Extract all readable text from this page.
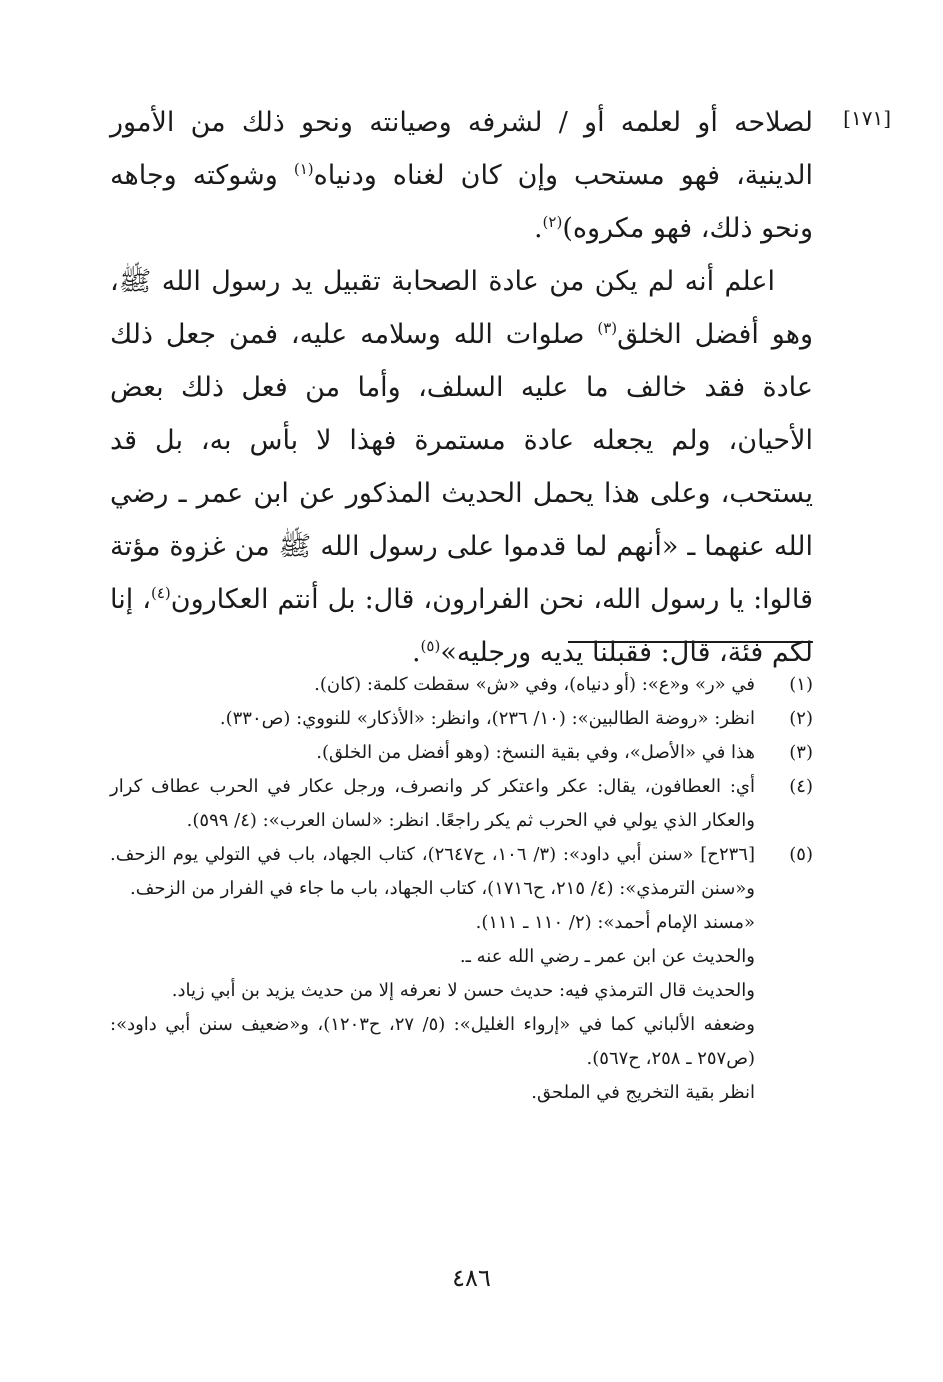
[١٧١]

لصلاحه أو لعلمه أو / لشرفه وصيانته ونحو ذلك من الأمور الدينية، فهو مستحب وإن كان لغناه ودنياه$^{(١)}$ وشوكته وجاهه ونحو ذلك، فهو مكروه)$^{(٢)}$.

اعلم أنه لم يكن من عادة الصحابة تقبيل يد رسول الله ﷺ، وهو أفضل الخلق$^{(٣)}$ صلوات الله وسلامه عليه، فمن جعل ذلك عادة فقد خالف ما عليه السلف، وأما من فعل ذلك بعض الأحيان، ولم يجعله عادة مستمرة فهذا لا بأس به، بل قد يستحب، وعلى هذا يحمل الحديث المذكور عن ابن عمر ـ رضي الله عنهما ـ «أنهم لما قدموا على رسول الله ﷺ من غزوة مؤتة قالوا: يا رسول الله، نحن الفرارون، قال: بل أنتم العكارون$^{(٤)}$، إنا لكم فئة، قال: فقبلنا يديه ورجليه»$^{(٥)}$.

(١)
في «ر» و«ع»: (أو دنياه)، وفي «ش» سقطت كلمة: (كان).
(٢)
انظر: «روضة الطالبين»: (١٠/ ٢٣٦)، وانظر: «الأذكار» للنووي: (ص٣٣٠).
(٣)
هذا في «الأصل»، وفي بقية النسخ: (وهو أفضل من الخلق).
(٤)
أي: العطافون، يقال: عكر واعتكر كر وانصرف، ورجل عكار في الحرب عطاف كرار والعكار الذي يولي في الحرب ثم يكر راجعًا. انظر: «لسان العرب»: (٤/ ٥٩٩).
(٥)
[٢٣٦ح] «سنن أبي داود»: (٣/ ١٠٦، ح٢٦٤٧)، كتاب الجهاد، باب في التولي يوم الزحف. و«سنن الترمذي»: (٤/ ٢١٥، ح١٧١٦)، كتاب الجهاد، باب ما جاء في الفرار من الزحف.
«مسند الإمام أحمد»: (٢/ ١١٠ ـ ١١١).
والحديث عن ابن عمر ـ رضي الله عنه ـ.
والحديث قال الترمذي فيه: حديث حسن لا نعرفه إلا من حديث يزيد بن أبي زياد.
وضعفه الألباني كما في «إرواء الغليل»: (٥/ ٢٧، ح١٢٠٣)، و«ضعيف سنن أبي داود»: (ص٢٥٧ ـ ٢٥٨، ح٥٦٧).
انظر بقية التخريج في الملحق.
٤٨٦
